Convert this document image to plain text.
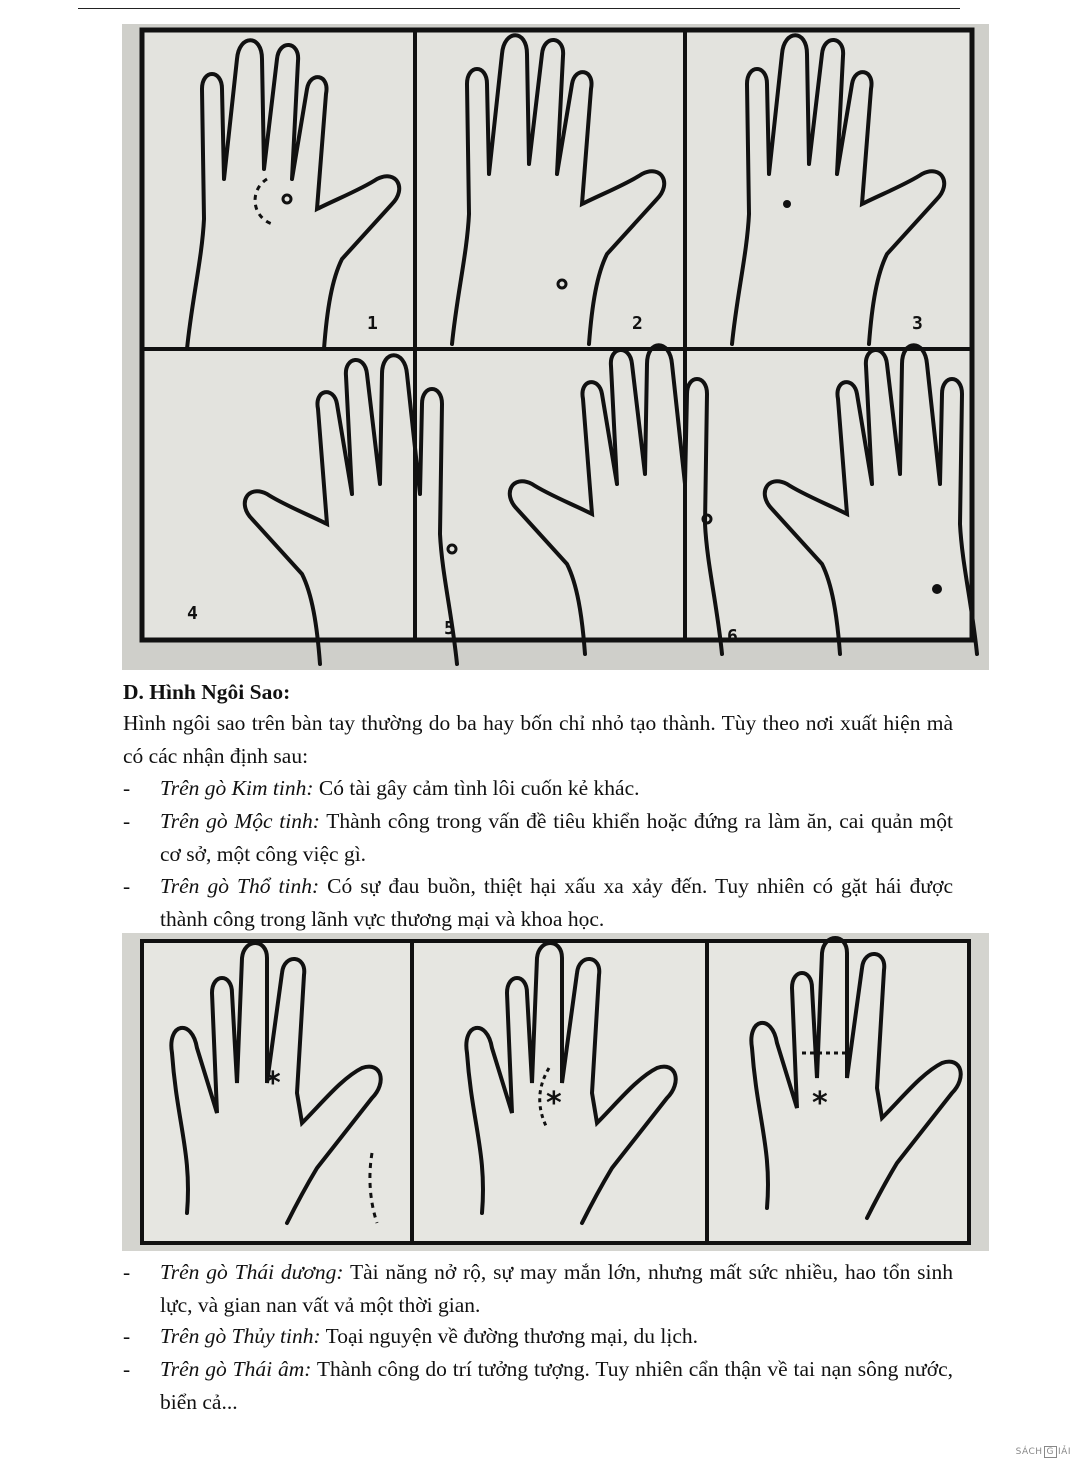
1	2	3
4
5	6
D. Hình Ngôi Sao:
Hình ngôi sao trên bàn tay thường do ba hay bốn chỉ nhỏ tạo thành. Tùy theo nơi xuất hiện mà có các nhận định sau:
- Trên gò Kim tinh: Có tài gây cảm tình lôi cuốn kẻ khác.
- Trên gò Mộc tinh: Thành công trong vấn đề tiêu khiển hoặc đứng ra làm ăn, cai quản một cơ sở, một công việc gì.
- Trên gò Thổ tinh: Có sự đau buồn, thiệt hại xấu xa xảy đến. Tuy nhiên có gặt hái được thành công trong lãnh vực thương mại và khoa học.
*
*	*
- Trên gò Thái dương: Tài năng nở rộ, sự may mắn lớn, nhưng mất sức nhiều, hao tổn sinh lực, và gian nan vất vả một thời gian.
- Trên gò Thủy tinh: Toại nguyện về đường thương mại, du lịch.
- Trên gò Thái âm: Thành công do trí tưởng tượng. Tuy nhiên cẩn thận về tai nạn sông nước, biển cả...
SÁCH G IẢI
